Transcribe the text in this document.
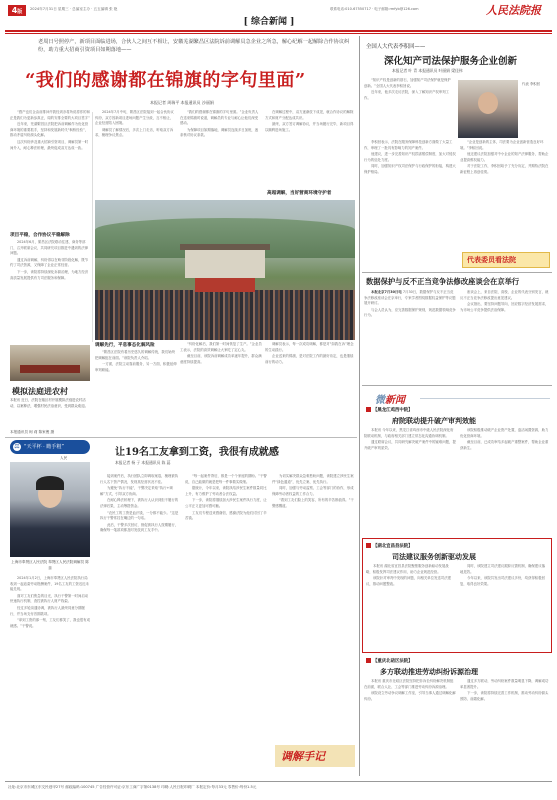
4版	2024年7月31日 星期三 · 总编室主办 · 五五编辑 张 艳
[ 综合新闻 ]
联系电话:010-67550717 · 电子邮箱:rmfyb@126.com	人民法院报
老周日号照停产，新项目面临进场，合伙人之间互不相让，安徽芜湖繁昌区法院诉前调解员急企业之所急，解心纪解一起解除合作协议纠纷，助力重大招商引资项目如期落地——
“我们的感谢都在锦旗的字句里面”
本报记者 周瑞平 本报通讯员 沙丽娟

“感产也们企由前排问许我经到亦将所说将你的和正是我们为更新参真正，周的安排全要的大项目签字”

近年来，芜湖繁昌区法院把诉前调解作为优化营商环境的重要抓手，坚持和发展新时代“枫桥经验”，推动矛盾纠纷源头化解。

这次纠纷涉及重大招商引资项目，调解员第一时间介入，耐心释法析理，最终促成双方达成一致。

2024年7月中旬，繁昌区法院接到一起合伙协议纠纷，双方因新项目进场问题产生分歧，互不相让，企业经营陷入困境。

调解员了解情况后，多次上门走访，听取双方诉求，梳理争议焦点。

“我们的感谢都在锦旗的字句里面。”企业负责人在送来锦旗时说道，调解员的专业与耐心让他们深受感动。

为保障项目如期落地，调解员连续多日加班，逐条核对协议条款。

在调解过程中，双方逐渐放下成见，就合作协议的解除方式和财产分配达成共识。

最终，双方签订调解协议，并当场履行完毕，新项目得以顺利进场施工。

高超调解，当好营商环境守护者
项目平稳，合作协议平稳解除

2024年6月，繁昌区法院联动住建、商务等部门，召开联席会议，共同研究项目推进中遇到的法律问题。

通过诉前调解，纠纷得以在萌芽阶段化解，既节约了司法资源，又保障了企业正常经营。

下一步，该院将持续深化诉源治理，为地方经济高质量发展提供有力司法服务和保障。

调解先行，平息事态化解风险

“繁昌区法院有着历史悠久的调解传统，我们始终把调解挺在前面。”该院负责人介绍。

一方面，法院主动靠前服务，另一方面，积极延伸审判职能。

“纠纷化解后，我们第一时间恢复了生产。”企业员工表示，法院的高效调解让大家吃了定心丸。

截至目前，该院诉前调解成功率逐年提升，群众满意度持续提高。

调解员表示，每一次成功调解，都是对“如我在诉”理念的生动践行。

企业送来的锦旗，是对法院工作的最好肯定，也是继续前行的动力。

模拟法庭进农村
本报讯 近日，法院在辖区村开展模拟法庭进农村活动，以案释法，增强村民法治意识，受到群众欢迎。
本报通讯员 柯 莉 陈家俊 摄
⚖ “天平杯 · 瞻手粗”
人民
上海市奉贤区人民法院 奉贤区人民法院调解员 陈 蕊
让19名工友拿到工资，我很有成就感
本报记者 杨 子 本报通讯员 陈 蕊

2024年1月2日，上海市奉贤区人民法院执行局收到一起追索劳动报酬案件，19名工友的工资迟迟未能兑现。

面对工友们焦急的目光，执行干警第一时间启动快速执行机制，查控被执行人财产线索。

经过多轮沟通协调，被执行人最终同意分期履行，并当场支付首期款项。

“拿到工资的那一刻，工友们都笑了，我也很有成就感。”干警说。

接到案件后，执行团队立即调取案卷，梳理被执行人名下资产情况，发现其经营状况不佳。

为避免“执行不能”，干警决定采取“执行+调解”方式，引导双方协商。

在耐心释法析理下，被执行人认识到拒不履行的法律后果，主动筹措资金。

“农民工的工资是血汗钱，一分都不能少。”这是执行干警常挂在嘴边的一句话。

此后，干警多次回访，督促被执行人按期履行，确保每一笔款项都及时发放到工友手中。

“每一起案件背后，都是一个个家庭的期盼。”干警说，自己能做的就是把每一件事做实做细。

据统计，今年以来，该院执结涉民生案件数量同比上升，有力维护了劳动者合法权益。

下一步，该院将继续加大涉民生案件执行力度，让公平正义更加可感可触。

工友们专程送来感谢信，感谢法院为他们讨回了辛苦钱。

为切实解决群众急难愁盼问题，该院建立涉民生案件“绿色通道”，优先立案、优先执行。

同时，加强与劳动监察、工会等部门的协作，形成保障劳动者权益的工作合力。

“看到工友们脸上的笑容，所有的辛苦都值得。”干警感慨道。

调解手记
全国人大代表李积回——
深化知产司法保护服务企业创新
本报记者 叶 青 本报通讯员 叶丽娟 梁佳伟

“知识产权是创新的基石，加强知产司法保护就是保护创新。”全国人大代表李积回说。

近年来，他多次走访法院，深入了解知识产权审判工作。

代表 李积回

李积回表示，法院在服务保障科技创新方面做了大量工作，审理了一批具有影响力的知产案件。

他建议，进一步完善知识产权损害赔偿制度，加大对侵权行为的惩处力度。

同时，加强知识产权司法保护与行政保护的衔接，构建大保护格局。

“企业是创新的主体，司法要为企业创新营造良好环境。”李积回说。

他还建议法院加强对中小企业的知产法律服务，帮助企业提高维权能力。

对于法院工作，李积回给予了充分肯定，并期待法院在新征程上再创佳绩。

代表委员看法院
数据保护与反不正当竞争法修改座谈会在京举行

本报北京7月30日电 7月30日，数据保护与反不正当竞争法修改座谈会在京举行，专家学者围绕数据权益保护等议题展开研讨。

与会人员认为，应完善数据保护规则，规范数据领域竞争行为。

座谈会上，来自法院、高校、企业的代表分别发言，就反不正当竞争法修改提出意见建议。

会议指出，要坚持问题导向，回应数字经济发展需求，为市场公平竞争提供法治保障。

微新闻
【黑龙江鸡西中院】
府院联动提升破产审判效能

本报讯 今年以来，黑龙江省鸡西市中级人民法院深化府院联动机制，与政府相关部门建立常态化沟通协调机制。

通过联席会议，共同研究解决破产案件中的疑难问题，提升破产审判质效。

该院积极推动破产企业资产处置，盘活闲置资源，助力优化营商环境。

截至目前，已成功审结多起破产重整案件，帮助企业重获新生。

【湖北宜昌县法院】
司法建议服务创新驱动发展

本报讯 湖北省宜昌县法院聚焦服务创新驱动发展战略，积极发挥司法建议作用，助力企业规范经营。

该院针对审判中发现的问题，向相关单位发送司法建议，推动问题整改。

同时，该院建立司法建议跟踪反馈机制，确保建议落地见效。

今年以来，该院共发出司法建议多份，均获得积极回复，取得良好效果。

【重庆北碚区法院】
多方联动推进劳动纠纷诉源治理

本报讯 重庆市北碚区法院坚持把非诉讼纠纷解决机制挺在前面，联合人社、工会等部门推进劳动纠纷诉源治理。

该院设立劳动争议调解工作室，引导当事人通过调解化解纠纷。

通过多方联动，劳动纠纷案件数量明显下降，调解成功率显著提升。

下一步，该院将持续完善工作机制，推动劳动纠纷源头预防、前端化解。

社址:北京市东城区东交民巷甲27号 邮政编码:100745 广告经营许可证:京东工商广字第0138号 印刷:人民日报印刷厂 本报定价:每月33元 零售价:每份1.5元
